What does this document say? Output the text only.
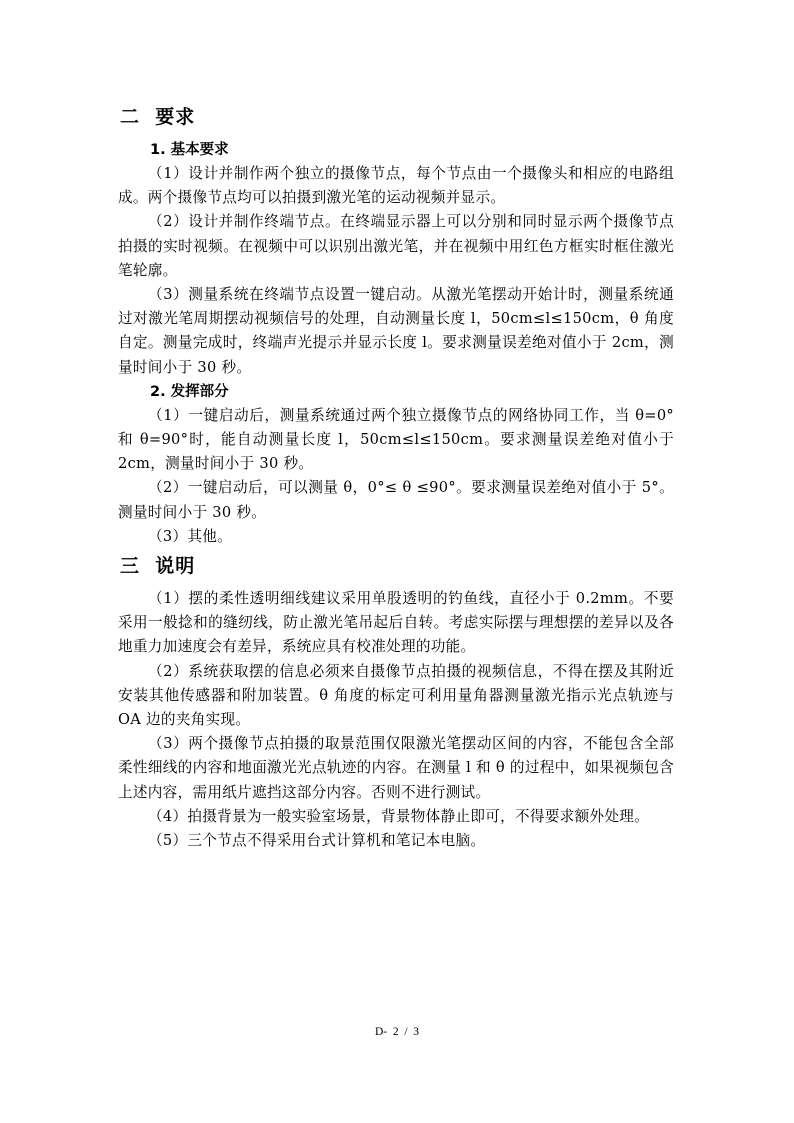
二  要求
1. 基本要求

（1）设计并制作两个独立的摄像节点，每个节点由一个摄像头和相应的电路组成。两个摄像节点均可以拍摄到激光笔的运动视频并显示。

（2）设计并制作终端节点。在终端显示器上可以分别和同时显示两个摄像节点拍摄的实时视频。在视频中可以识别出激光笔，并在视频中用红色方框实时框住激光笔轮廓。

（3）测量系统在终端节点设置一键启动。从激光笔摆动开始计时，测量系统通过对激光笔周期摆动视频信号的处理，自动测量长度 l，50cm≤l≤150cm，θ 角度自定。测量完成时，终端声光提示并显示长度 l。要求测量误差绝对值小于 2cm，测量时间小于 30 秒。

2. 发挥部分

（1）一键启动后，测量系统通过两个独立摄像节点的网络协同工作，当 θ=0° 和 θ=90°时，能自动测量长度 l，50cm≤l≤150cm。要求测量误差绝对值小于 2cm，测量时间小于 30 秒。

（2）一键启动后，可以测量 θ，0°≤ θ ≤90°。要求测量误差绝对值小于 5°。测量时间小于 30 秒。

（3）其他。

三  说明

（1）摆的柔性透明细线建议采用单股透明的钓鱼线，直径小于 0.2mm。不要采用一般捻和的缝纫线，防止激光笔吊起后自转。考虑实际摆与理想摆的差异以及各地重力加速度会有差异，系统应具有校准处理的功能。

（2）系统获取摆的信息必须来自摄像节点拍摄的视频信息，不得在摆及其附近安装其他传感器和附加装置。θ 角度的标定可利用量角器测量激光指示光点轨迹与 OA 边的夹角实现。

（3）两个摄像节点拍摄的取景范围仅限激光笔摆动区间的内容，不能包含全部柔性细线的内容和地面激光光点轨迹的内容。在测量 l 和 θ 的过程中，如果视频包含上述内容，需用纸片遮挡这部分内容。否则不进行测试。

（4）拍摄背景为一般实验室场景，背景物体静止即可，不得要求额外处理。

（5）三个节点不得采用台式计算机和笔记本电脑。

D-  2  /  3
